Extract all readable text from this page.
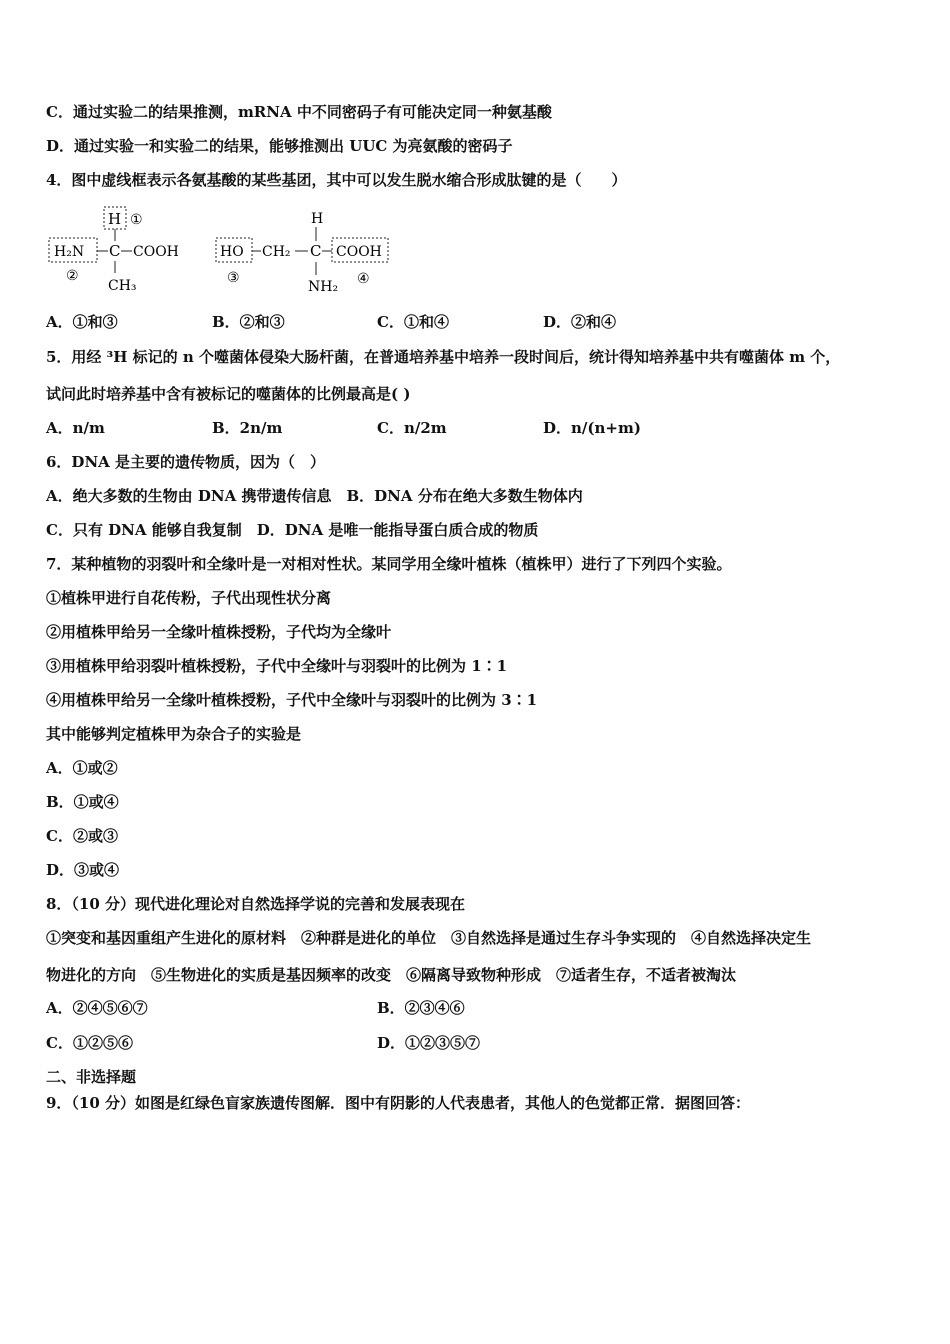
C．通过实验二的结果推测，mRNA 中不同密码子有可能决定同一种氨基酸
D．通过实验一和实验二的结果，能够推测出 UUC 为亮氨酸的密码子
4．图中虚线框表示各氨基酸的某些基团，其中可以发生脱水缩合形成肽键的是（　　）
H ①
H₂N C COOH
②
CH₃
H
HO CH₂ C COOH
③
NH₂ ④
A．①和③	B．②和③	C．①和④	D．②和④
5．用经 ³H 标记的 n 个噬菌体侵染大肠杆菌，在普通培养基中培养一段时间后，统计得知培养基中共有噬菌体 m 个，
试问此时培养基中含有被标记的噬菌体的比例最高是( )
A．n/m	B．2n/m	C．n/2m	D．n/(n+m)
6．DNA 是主要的遗传物质，因为（　）
A．绝大多数的生物由 DNA 携带遗传信息　B．DNA 分布在绝大多数生物体内
C．只有 DNA 能够自我复制　D．DNA 是唯一能指导蛋白质合成的物质
7．某种植物的羽裂叶和全缘叶是一对相对性状。某同学用全缘叶植株（植株甲）进行了下列四个实验。
①植株甲进行自花传粉，子代出现性状分离
②用植株甲给另一全缘叶植株授粉，子代均为全缘叶
③用植株甲给羽裂叶植株授粉，子代中全缘叶与羽裂叶的比例为 1∶1
④用植株甲给另一全缘叶植株授粉，子代中全缘叶与羽裂叶的比例为 3∶1
其中能够判定植株甲为杂合子的实验是
A．①或②
B．①或④
C．②或③
D．③或④
8．（10 分）现代进化理论对自然选择学说的完善和发展表现在
①突变和基因重组产生进化的原材料　②种群是进化的单位　③自然选择是通过生存斗争实现的　④自然选择决定生
物进化的方向　⑤生物进化的实质是基因频率的改变　⑥隔离导致物种形成　⑦适者生存，不适者被淘汰
A．②④⑤⑥⑦	B．②③④⑥
C．①②⑤⑥	D．①②③⑤⑦
二、非选择题
9．（10 分）如图是红绿色盲家族遗传图解．图中有阴影的人代表患者，其他人的色觉都正常．据图回答：
